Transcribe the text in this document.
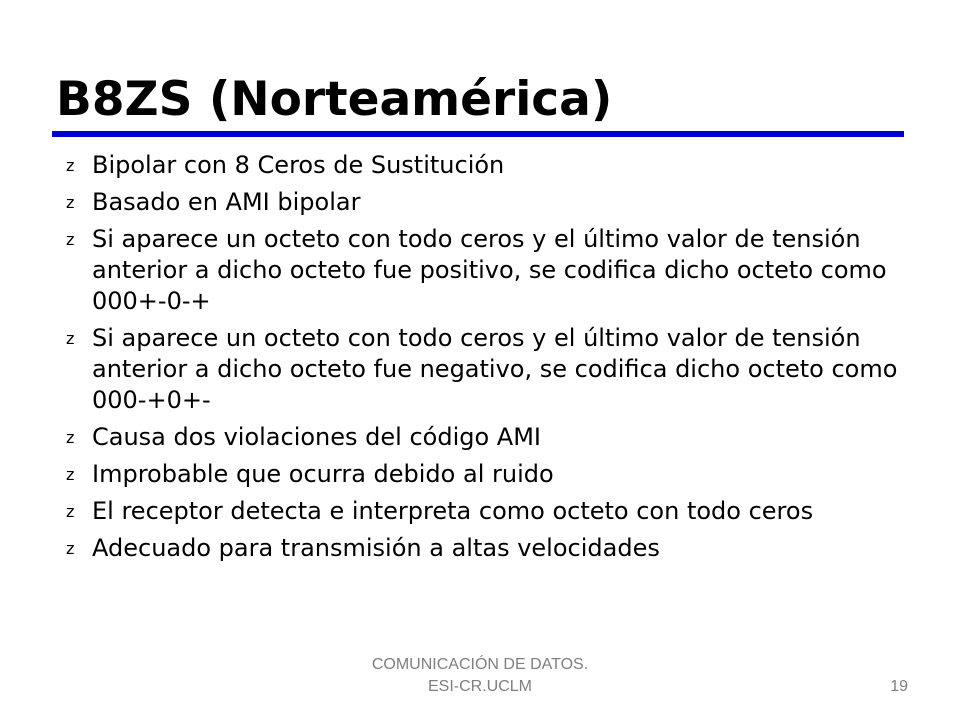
B8ZS (Norteamérica)
z Bipolar con 8 Ceros de Sustitución
z Basado en AMI bipolar
z Si aparece un octeto con todo ceros y el último valor de tensión anterior a dicho octeto fue positivo, se codifica dicho octeto como 000+-0-+
z Si aparece un octeto con todo ceros y el último valor de tensión anterior a dicho octeto fue negativo, se codifica dicho octeto como 000-+0+-
z Causa dos violaciones del código AMI
z Improbable que ocurra debido al ruido
z El receptor detecta e interpreta como octeto con todo ceros
z Adecuado para transmisión a altas velocidades
COMUNICACIÓN DE DATOS.
ESI-CR.UCLM	19
